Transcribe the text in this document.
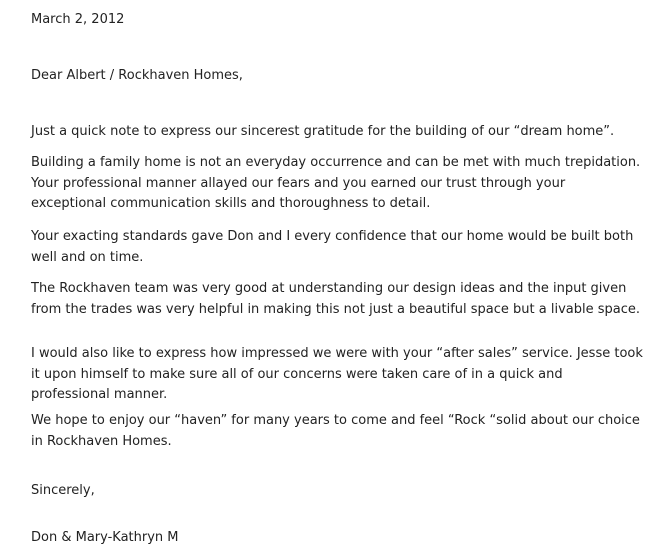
March 2, 2012

Dear Albert / Rockhaven Homes,

Just a quick note to express our sincerest gratitude for the building of our “dream home”.

Building a family home is not an everyday occurrence and can be met with much trepidation. Your professional manner allayed our fears and you earned our trust through your exceptional communication skills and thoroughness to detail.

Your exacting standards gave Don and I every confidence that our home would be built both well and on time.

The Rockhaven team was very good at understanding our design ideas and the input given from the trades was very helpful in making this not just a beautiful space but a livable space.

I would also like to express how impressed we were with your “after sales” service. Jesse took it upon himself to make sure all of our concerns were taken care of in a quick and professional manner.

We hope to enjoy our “haven” for many years to come and feel “Rock “solid about our choice in Rockhaven Homes.

Sincerely,

Don & Mary-Kathryn M
